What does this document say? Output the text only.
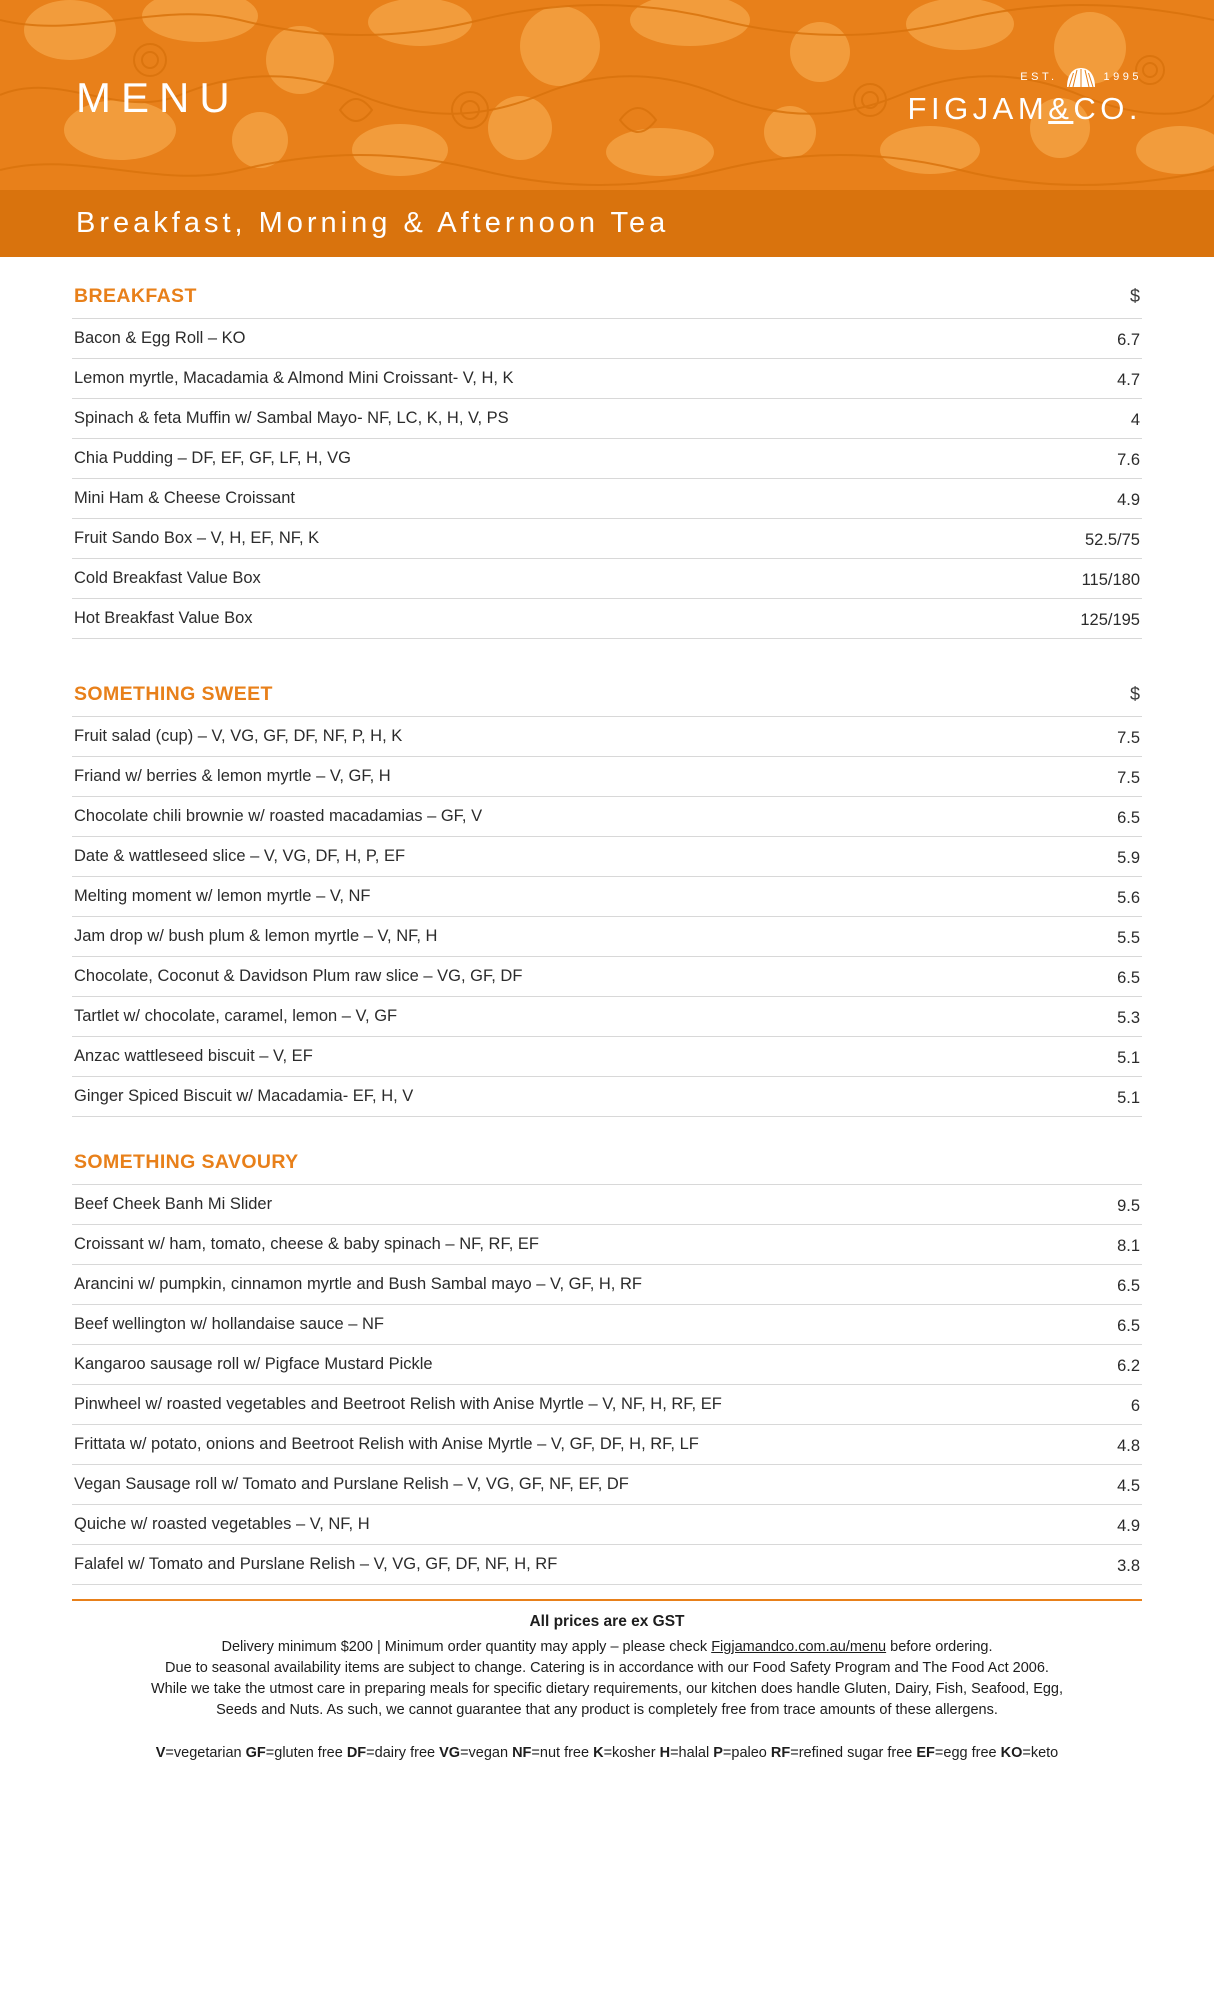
MENU	EST.	1995
FIGJAM&CO.
Breakfast, Morning & Afternoon Tea
BREAKFAST	$
Bacon & Egg Roll – KO	6.7
Lemon myrtle, Macadamia & Almond Mini Croissant- V, H, K	4.7
Spinach & feta Muffin w/ Sambal Mayo- NF, LC, K, H, V, PS	4
Chia Pudding – DF, EF, GF, LF, H, VG	7.6
Mini Ham & Cheese Croissant	4.9
Fruit Sando Box – V, H, EF, NF, K	52.5/75
Cold Breakfast Value Box	115/180
Hot Breakfast Value Box	125/195
SOMETHING SWEET	$
Fruit salad (cup) – V, VG, GF, DF, NF, P, H, K	7.5
Friand w/ berries & lemon myrtle – V, GF, H	7.5
Chocolate chili brownie w/ roasted macadamias – GF, V	6.5
Date & wattleseed slice – V, VG, DF, H, P, EF	5.9
Melting moment w/ lemon myrtle – V, NF	5.6
Jam drop w/ bush plum & lemon myrtle – V, NF, H	5.5
Chocolate, Coconut & Davidson Plum raw slice – VG, GF, DF	6.5
Tartlet w/ chocolate, caramel, lemon – V, GF	5.3
Anzac wattleseed biscuit – V, EF	5.1
Ginger Spiced Biscuit w/ Macadamia- EF, H, V	5.1
SOMETHING SAVOURY
Beef Cheek Banh Mi Slider	9.5
Croissant w/ ham, tomato, cheese & baby spinach – NF, RF, EF	8.1
Arancini w/ pumpkin, cinnamon myrtle and Bush Sambal mayo – V, GF, H, RF	6.5
Beef wellington w/ hollandaise sauce – NF	6.5
Kangaroo sausage roll w/ Pigface Mustard Pickle	6.2
Pinwheel w/ roasted vegetables and Beetroot Relish with Anise Myrtle – V, NF, H, RF, EF	6
Frittata w/ potato, onions and Beetroot Relish with Anise Myrtle – V, GF, DF, H, RF, LF	4.8
Vegan Sausage roll w/ Tomato and Purslane Relish – V, VG, GF, NF, EF, DF	4.5
Quiche w/ roasted vegetables – V, NF, H	4.9
Falafel w/ Tomato and Purslane Relish – V, VG, GF, DF, NF, H, RF	3.8
All prices are ex GST
Delivery minimum $200 | Minimum order quantity may apply – please check Figjamandco.com.au/menu before ordering.
Due to seasonal availability items are subject to change. Catering is in accordance with our Food Safety Program and The Food Act 2006.
While we take the utmost care in preparing meals for specific dietary requirements, our kitchen does handle Gluten, Dairy, Fish, Seafood, Egg,
Seeds and Nuts. As such, we cannot guarantee that any product is completely free from trace amounts of these allergens.
V=vegetarian GF=gluten free DF=dairy free VG=vegan NF=nut free K=kosher H=halal P=paleo RF=refined sugar free EF=egg free KO=keto
